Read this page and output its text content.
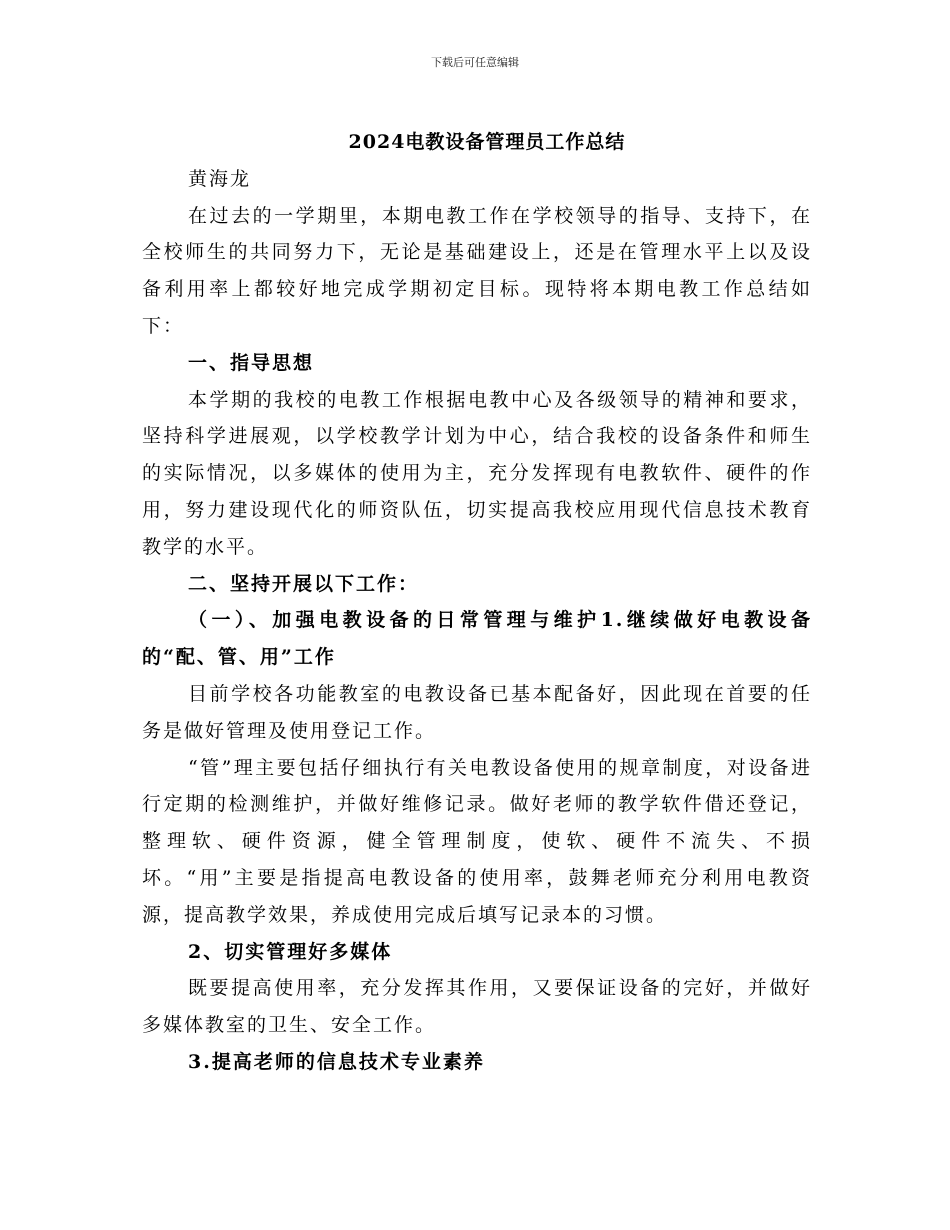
下载后可任意编辑
2024电教设备管理员工作总结

黄海龙

在过去的一学期里，本期电教工作在学校领导的指导、支持下，在全校师生的共同努力下，无论是基础建设上，还是在管理水平上以及设备利用率上都较好地完成学期初定目标。现特将本期电教工作总结如下：

一、指导思想

本学期的我校的电教工作根据电教中心及各级领导的精神和要求，坚持科学进展观，以学校教学计划为中心，结合我校的设备条件和师生的实际情况，以多媒体的使用为主，充分发挥现有电教软件、硬件的作用，努力建设现代化的师资队伍，切实提高我校应用现代信息技术教育教学的水平。

二、坚持开展以下工作：

（一）、加强电教设备的日常管理与维护1.继续做好电教设备的“配、管、用”工作

目前学校各功能教室的电教设备已基本配备好，因此现在首要的任务是做好管理及使用登记工作。

“管”理主要包括仔细执行有关电教设备使用的规章制度，对设备进行定期的检测维护，并做好维修记录。做好老师的教学软件借还登记，整理软、硬件资源，健全管理制度，使软、硬件不流失、不损坏。“用”主要是指提高电教设备的使用率，鼓舞老师充分利用电教资源，提高教学效果，养成使用完成后填写记录本的习惯。

2、切实管理好多媒体

既要提高使用率，充分发挥其作用，又要保证设备的完好，并做好多媒体教室的卫生、安全工作。

3.提高老师的信息技术专业素养
